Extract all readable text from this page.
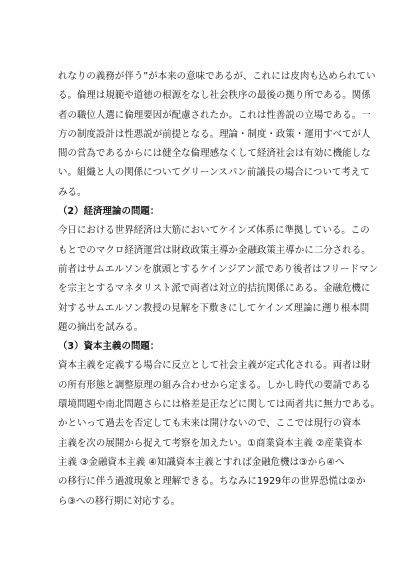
れなりの義務が伴う”が本来の意味であるが、これには皮肉も込められてい
る。倫理は規範や道徳の根源をなし社会秩序の最後の拠り所である。関係
者の職位人選に倫理要因が配慮されたか。これは性善説の立場である。一
方の制度設計は性悪説が前提となる。理論・制度・政策・運用すべてが人
間の営為であるからには健全な倫理感なくして経済社会は有効に機能しな
い。組織と人の関係についてグリーンスパン前議長の場合について考えて
みる。
（2）経済理論の問題：
今日における世界経済は大筋においてケインズ体系に準拠している。この
もとでのマクロ経済運営は財政政策主導か金融政策主導かに二分される。
前者はサムエルソンを旗頭とするケインジアン派であり後者はフリードマン
を宗主とするマネタリスト派で両者は対立的拮抗関係にある。金融危機に
対するサムエルソン教授の見解を下敷きにしてケインズ理論に遡り根本問
題の摘出を試みる。
（3）資本主義の問題：
資本主義を定義する場合に反立として社会主義が定式化される。両者は財
の所有形態と調整原理の組み合わせから定まる。しかし時代の要請である
環境問題や南北問題さらには格差是正などに関しては両者共に無力である。
かといって過去を否定しても未来は開けないので、ここでは現行の資本
主義を次の展開から捉えて考察を加えたい。①商業資本主義 ②産業資本
主義 ③金融資本主義 ④知識資本主義とすれば金融危機は③から④へ
の移行に伴う過渡現象と理解できる。ちなみに1929年の世界恐慌は②か
ら③への移行期に対応する。
